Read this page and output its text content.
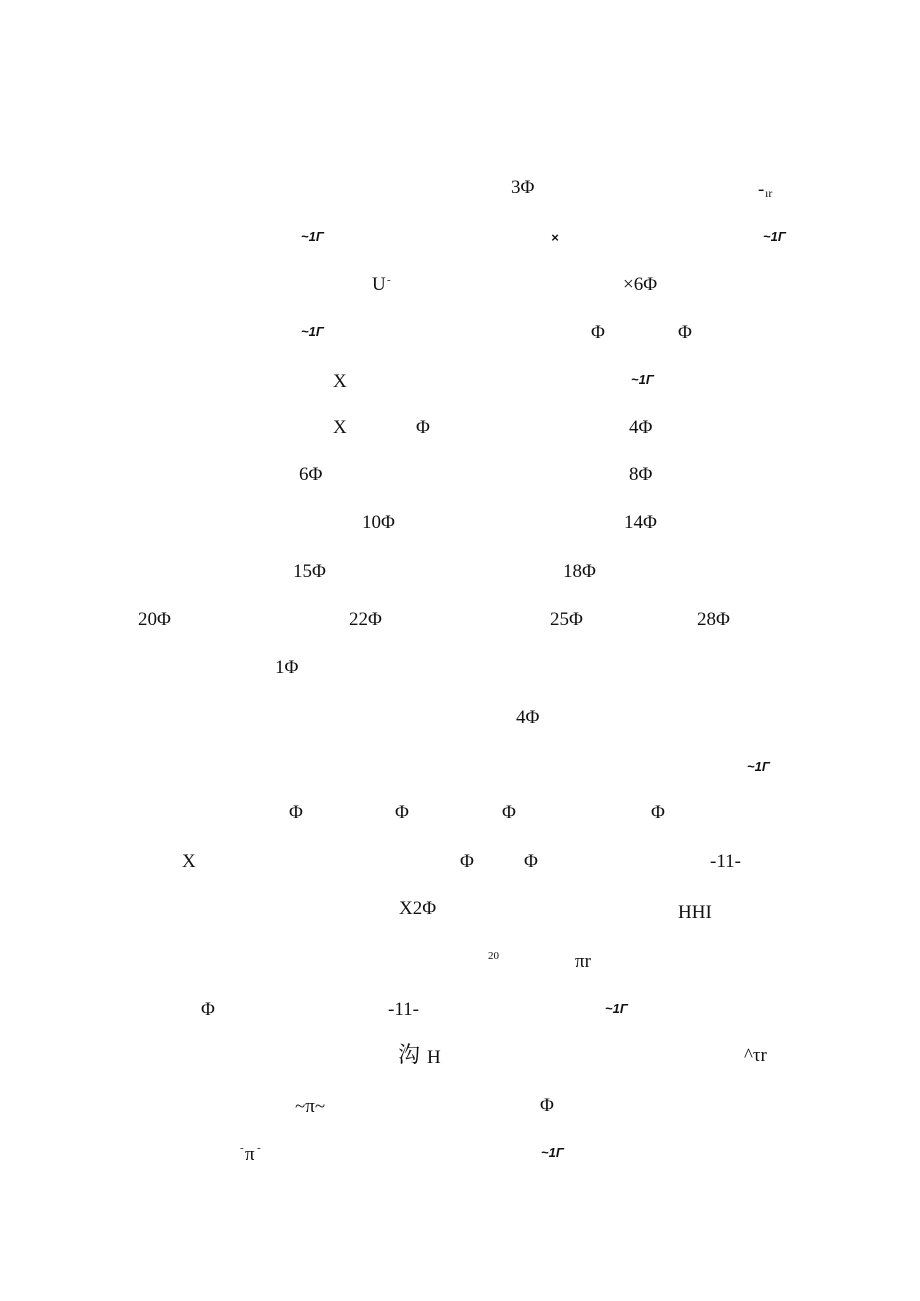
3Φ	- ır
~1Γ	×	~1Γ
U -	×6Φ
~1Γ	Φ	Φ
X	~1Γ
X	Φ	4Φ
6Φ	8Φ
10Φ	14Φ
15Φ	18Φ
20Φ	22Φ	25Φ	28Φ
1Φ
4Φ
~1Γ
Φ	Φ	Φ	Φ
X	Φ	Φ	-11-
X2Φ	HHI
20	πr
Φ	-11-	~1Γ
沟 H	^τr
~π~	Φ
- π -	~1Γ
